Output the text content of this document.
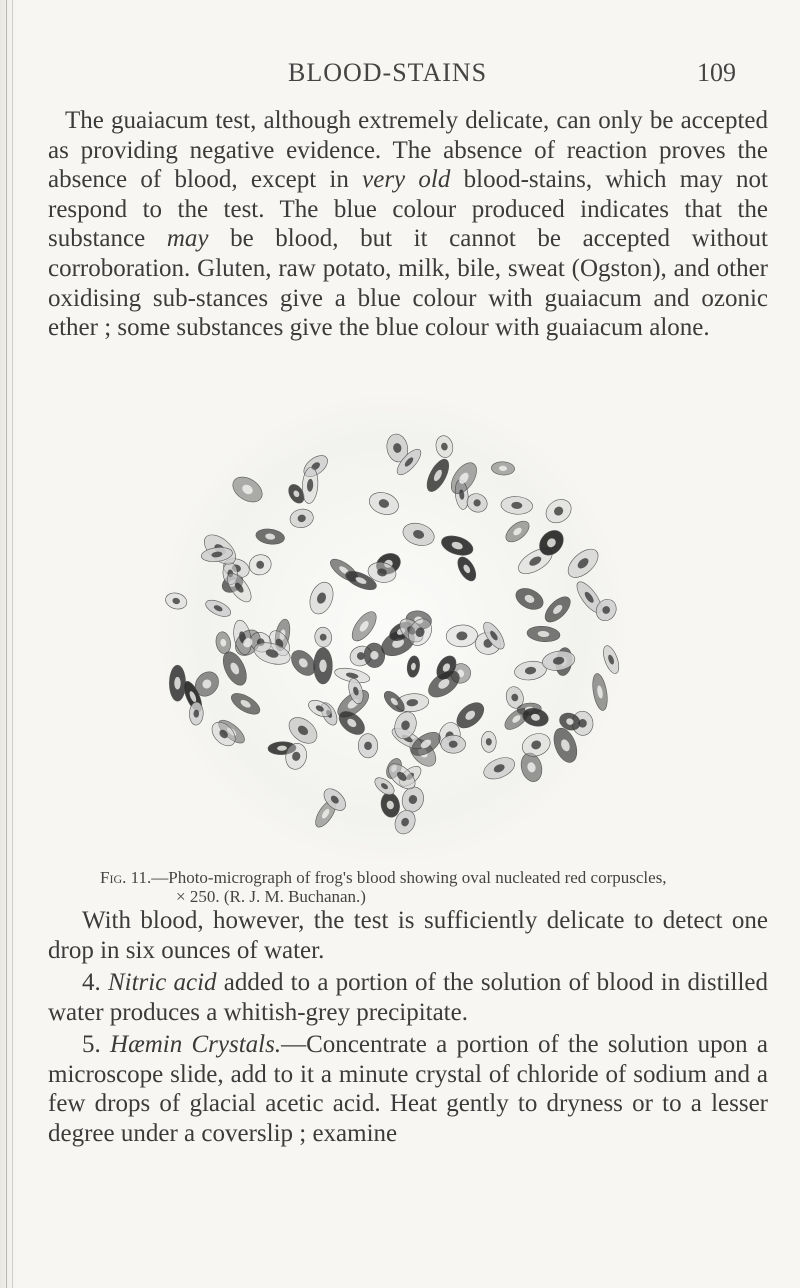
BLOOD-STAINS	109

The guaiacum test, although extremely delicate, can only be accepted as providing negative evidence. The absence of reaction proves the absence of blood, except in very old blood-stains, which may not respond to the test. The blue colour produced indicates that the substance may be blood, but it cannot be accepted without corroboration. Gluten, raw potato, milk, bile, sweat (Ogston), and other oxidising sub-stances give a blue colour with guaiacum and ozonic ether ; some substances give the blue colour with guaiacum alone.

Fig. 11.—Photo-micrograph of frog's blood showing oval nucleated red corpuscles,
× 250. (R. J. M. Buchanan.)

With blood, however, the test is sufficiently delicate to detect one drop in six ounces of water.

4. Nitric acid added to a portion of the solution of blood in distilled water produces a whitish-grey precipitate.

5. Hæmin Crystals.—Concentrate a portion of the solution upon a microscope slide, add to it a minute crystal of chloride of sodium and a few drops of glacial acetic acid. Heat gently to dryness or to a lesser degree under a coverslip ; examine
